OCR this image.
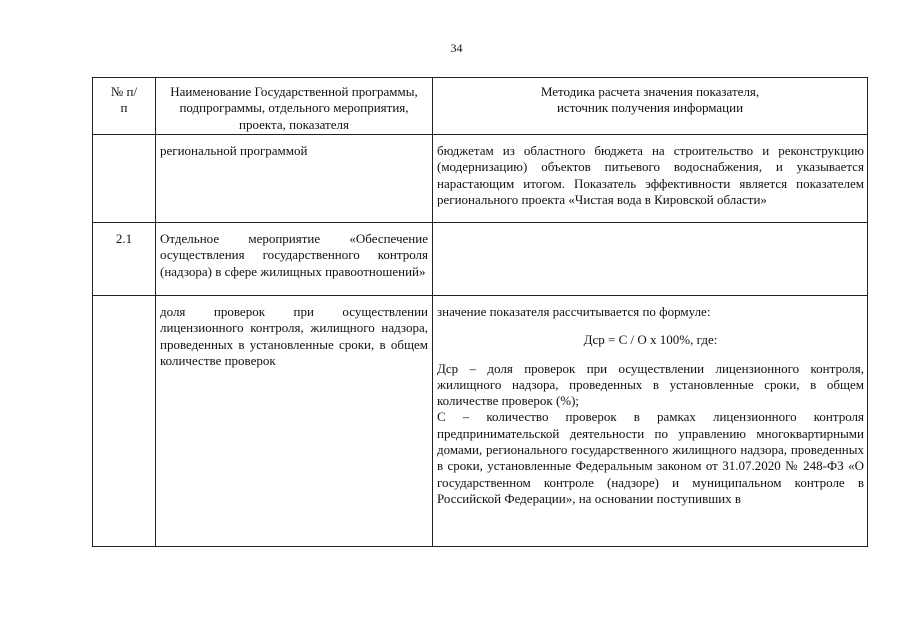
34
№ п/п	Наименование Государственной программы, подпрограммы, отдельного мероприятия, проекта, показателя	Методика расчета значения показателя, источник получения информации

	региональной программой	бюджетам из областного бюджета на строительство и реконструкцию (модернизацию) объектов питьевого водоснабжения, и указывается нарастающим итогом. Показатель эффективности является показателем регионального проекта «Чистая вода в Кировской области»

2.1	Отдельное мероприятие «Обеспечение осуществления государственного контроля (надзора) в сфере жилищных правоотношений»	

	доля проверок при осуществлении лицензионного контроля, жилищного надзора, проведенных в установленные сроки, в общем количестве проверок	значение показателя рассчитывается по формуле:

Дср = С / О x 100%, где:

Дср – доля проверок при осуществлении лицензионного контроля, жилищного надзора, проведенных в установленные сроки, в общем количестве проверок (%);

С – количество проверок в рамках лицензионного контроля предпринимательской деятельности по управлению многоквартирными домами, регионального государственного жилищного надзора, проведенных в сроки, установленные Федеральным законом от 31.07.2020 № 248-ФЗ «О государственном контроле (надзоре) и муниципальном контроле в Российской Федерации», на основании поступивших в
